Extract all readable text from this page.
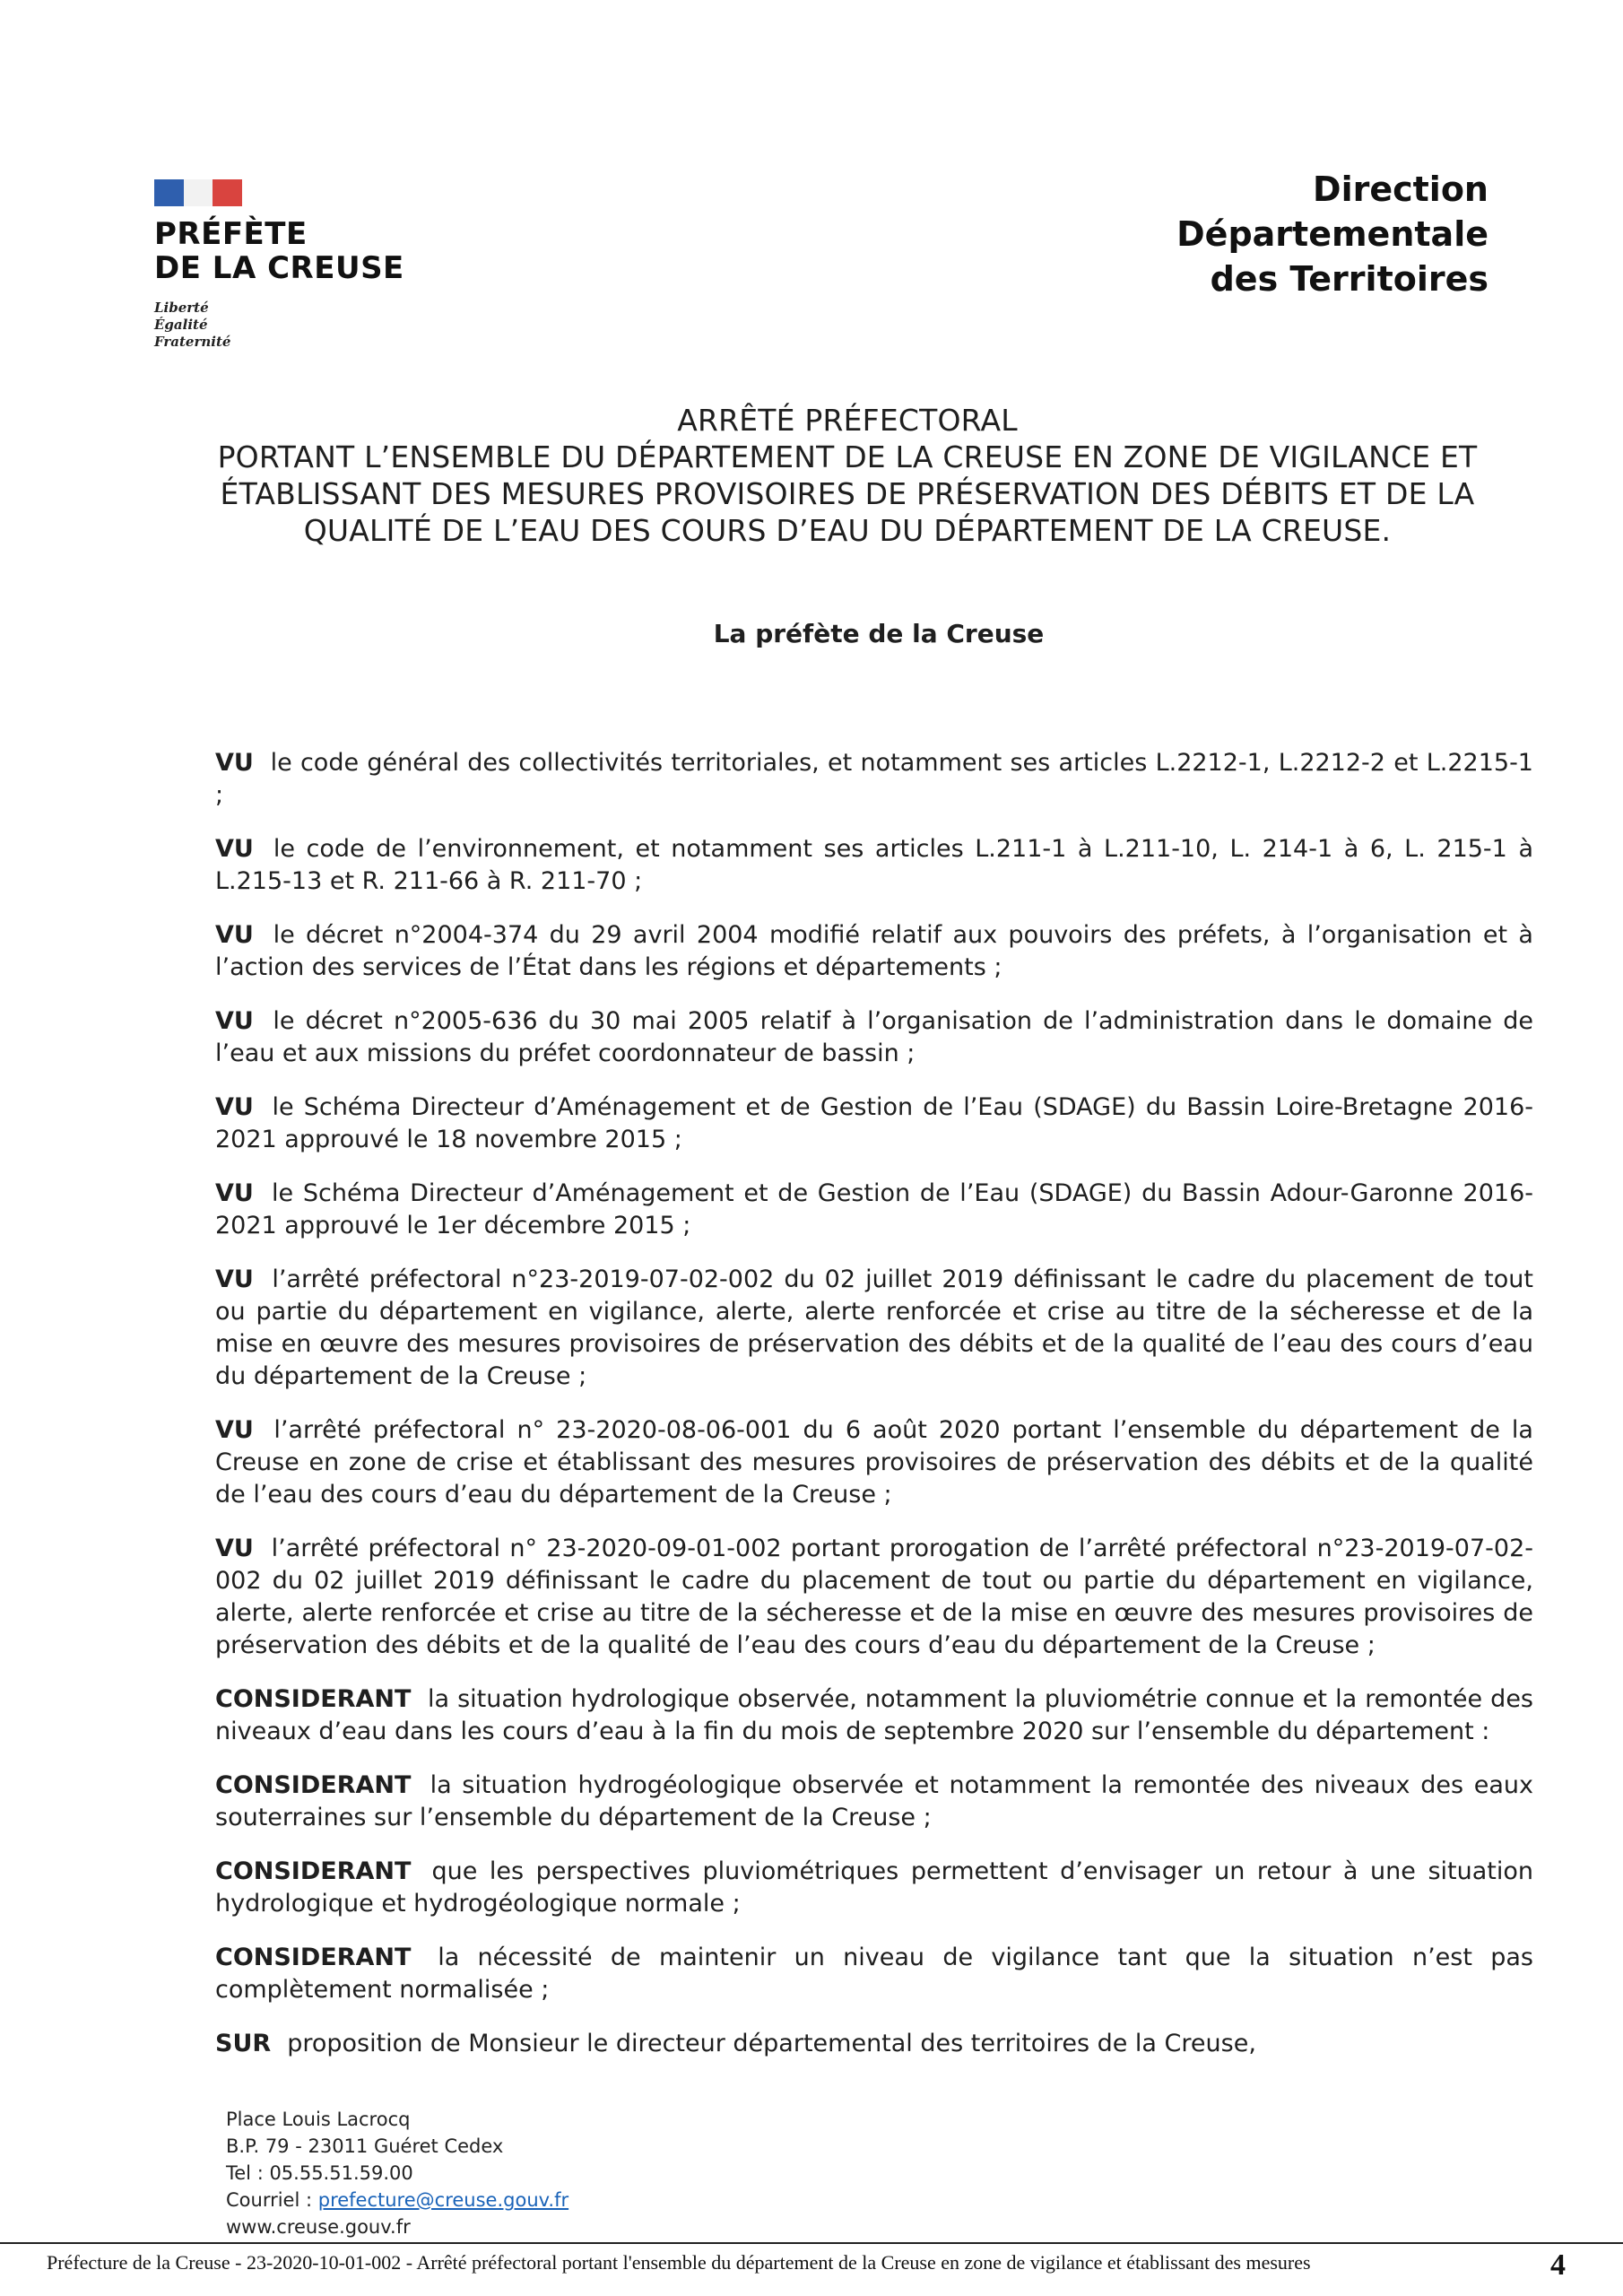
PRÉFÈTE
DE LA CREUSE
Liberté
Égalité
Fraternité
Direction
Départementale
des Territoires
ARRÊTÉ PRÉFECTORAL
PORTANT L’ENSEMBLE DU DÉPARTEMENT DE LA CREUSE EN ZONE DE VIGILANCE ET
ÉTABLISSANT DES MESURES PROVISOIRES DE PRÉSERVATION DES DÉBITS ET DE LA
QUALITÉ DE L’EAU DES COURS D’EAU DU DÉPARTEMENT DE LA CREUSE.
La préfète de la Creuse

VU le code général des collectivités territoriales, et notamment ses articles L.2212-1, L.2212-2 et L.2215-1 ;

VU le code de l’environnement, et notamment ses articles L.211-1 à L.211-10, L. 214-1 à 6, L. 215-1 à L.215-13 et R. 211-66 à R. 211-70 ;

VU le décret n°2004-374 du 29 avril 2004 modifié relatif aux pouvoirs des préfets, à l’organisation et à l’action des services de l’État dans les régions et départements ;

VU le décret n°2005-636 du 30 mai 2005 relatif à l’organisation de l’administration dans le domaine de l’eau et aux missions du préfet coordonnateur de bassin ;

VU le Schéma Directeur d’Aménagement et de Gestion de l’Eau (SDAGE) du Bassin Loire-Bretagne 2016-2021 approuvé le 18 novembre 2015 ;

VU le Schéma Directeur d’Aménagement et de Gestion de l’Eau (SDAGE) du Bassin Adour-Garonne 2016-2021 approuvé le 1er décembre 2015 ;

VU l’arrêté préfectoral n°23-2019-07-02-002 du 02 juillet 2019 définissant le cadre du placement de tout ou partie du département en vigilance, alerte, alerte renforcée et crise au titre de la sécheresse et de la mise en œuvre des mesures provisoires de préservation des débits et de la qualité de l’eau des cours d’eau du département de la Creuse ;

VU l’arrêté préfectoral n° 23-2020-08-06-001 du 6 août 2020 portant l’ensemble du département de la Creuse en zone de crise et établissant des mesures provisoires de préservation des débits et de la qualité de l’eau des cours d’eau du département de la Creuse ;

VU l’arrêté préfectoral n° 23-2020-09-01-002 portant prorogation de l’arrêté préfectoral n°23-2019-07-02-002 du 02 juillet 2019 définissant le cadre du placement de tout ou partie du département en vigilance, alerte, alerte renforcée et crise au titre de la sécheresse et de la mise en œuvre des mesures provisoires de préservation des débits et de la qualité de l’eau des cours d’eau du département de la Creuse ;

CONSIDERANT la situation hydrologique observée, notamment la pluviométrie connue et la remontée des niveaux d’eau dans les cours d’eau à la fin du mois de septembre 2020 sur l’ensemble du département :

CONSIDERANT la situation hydrogéologique observée et notamment la remontée des niveaux des eaux souterraines sur l’ensemble du département de la Creuse ;

CONSIDERANT que les perspectives pluviométriques permettent d’envisager un retour à une situation hydrologique et hydrogéologique normale ;

CONSIDERANT la nécessité de maintenir un niveau de vigilance tant que la situation n’est pas complètement normalisée ;

SUR proposition de Monsieur le directeur départemental des territoires de la Creuse,

Place Louis Lacrocq
B.P. 79 - 23011 Guéret Cedex
Tel : 05.55.51.59.00
Courriel : prefecture@creuse.gouv.fr
www.creuse.gouv.fr
Préfecture de la Creuse - 23-2020-10-01-002 - Arrêté préfectoral portant l'ensemble du département de la Creuse en zone de vigilance et établissant des mesures	4
